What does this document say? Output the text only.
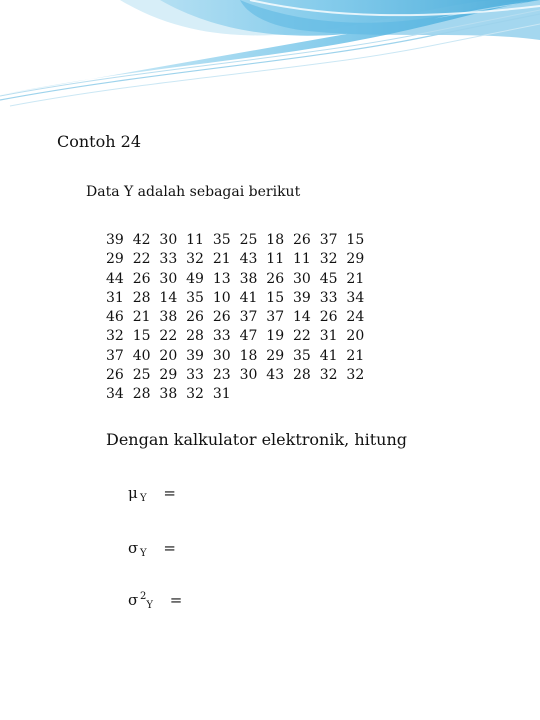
Contoh 24
Data Y adalah sebagai berikut
39  42  30  11  35  25  18  26  37  15
29  22  33  32  21  43  11  11  32  29
44  26  30  49  13  38  26  30  45  21
31  28  14  35  10  41  15  39  33  34
46  21  38  26  26  37  37  14  26  24
32  15  22  28  33  47  19  22  31  20
37  40  20  39  30  18  29  35  41  21
26  25  29  33  23  30  43  28  32  32
34  28  38  32  31
Dengan kalkulator elektronik, hitung
μ $_Y$ =
σ $_Y$ =
σ $^2_Y$ =
